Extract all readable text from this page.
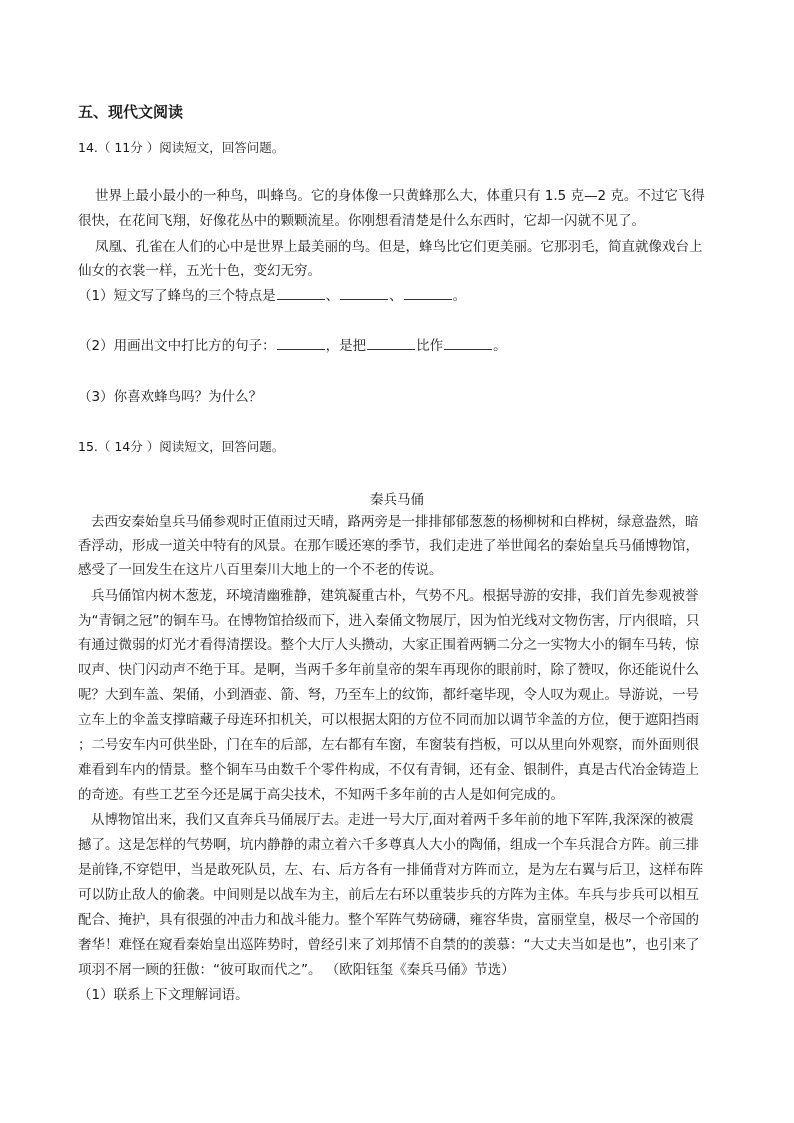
五、现代文阅读
14.（ 11分 ）阅读短文，回答问题。
世界上最小最小的一种鸟，叫蜂鸟。它的身体像一只黄蜂那么大，体重只有 1.5 克—2 克。不过它飞得
很快，在花间飞翔，好像花丛中的颗颗流星。你刚想看清楚是什么东西时，它却一闪就不见了。
凤凰、孔雀在人们的心中是世界上最美丽的鸟。但是，蜂鸟比它们更美丽。它那羽毛，简直就像戏台上
仙女的衣裳一样，五光十色，变幻无穷。
（1）短文写了蜂鸟的三个特点是	、	、	。
（2）用画出文中打比方的句子：	，是把	比作	。
（3）你喜欢蜂鸟吗？为什么？
15.（ 14分 ）阅读短文，回答问题。
秦兵马俑
去西安秦始皇兵马俑参观时正值雨过天晴，路两旁是一排排郁郁葱葱的杨柳树和白桦树，绿意盎然，暗
香浮动，形成一道关中特有的风景。在那乍暖还寒的季节，我们走进了举世闻名的秦始皇兵马俑博物馆，
感受了一回发生在这片八百里秦川大地上的一个不老的传说。
兵马俑馆内树木葱茏，环境清幽雅静，建筑凝重古朴，气势不凡。根据导游的安排，我们首先参观被誉
为“青铜之冠”的铜车马。在博物馆拾级而下，进入秦俑文物展厅，因为怕光线对文物伤害，厅内很暗，只
有通过微弱的灯光才看得清摆设。整个大厅人头攒动，大家正围着两辆二分之一实物大小的铜车马转，惊
叹声、快门闪动声不绝于耳。是啊，当两千多年前皇帝的架车再现你的眼前时，除了赞叹，你还能说什么
呢？大到车盖、架俑，小到酒壶、箭、弩，乃至车上的纹饰，都纤毫毕现，令人叹为观止。导游说，一号
立车上的伞盖支撑暗藏子母连环扣机关，可以根据太阳的方位不同而加以调节伞盖的方位，便于遮阳挡雨
；二号安车内可供坐卧，门在车的后部，左右都有车窗，车窗装有挡板，可以从里向外观察，而外面则很
难看到车内的情景。整个铜车马由数千个零件构成，不仅有青铜，还有金、银制件，真是古代冶金铸造上
的奇迹。有些工艺至今还是属于高尖技术，不知两千多年前的古人是如何完成的。
从博物馆出来，我们又直奔兵马俑展厅去。走进一号大厅,面对着两千多年前的地下军阵,我深深的被震
撼了。这是怎样的气势啊，坑内静静的肃立着六千多尊真人大小的陶俑，组成一个车兵混合方阵。前三排
是前锋,不穿铠甲，当是敢死队员，左、右、后方各有一排俑背对方阵而立，是为左右翼与后卫，这样布阵
可以防止敌人的偷袭。中间则是以战车为主，前后左右环以重装步兵的方阵为主体。车兵与步兵可以相互
配合、掩护，具有很强的冲击力和战斗能力。整个军阵气势磅礴，雍容华贵，富丽堂皇，极尽一个帝国的
奢华！难怪在窥看秦始皇出巡阵势时，曾经引来了刘邦情不自禁的的羡慕：“大丈夫当如是也”，也引来了
项羽不屑一顾的狂傲：“彼可取而代之”。 （欧阳钰玺《秦兵马俑》节选）
（1）联系上下文理解词语。
